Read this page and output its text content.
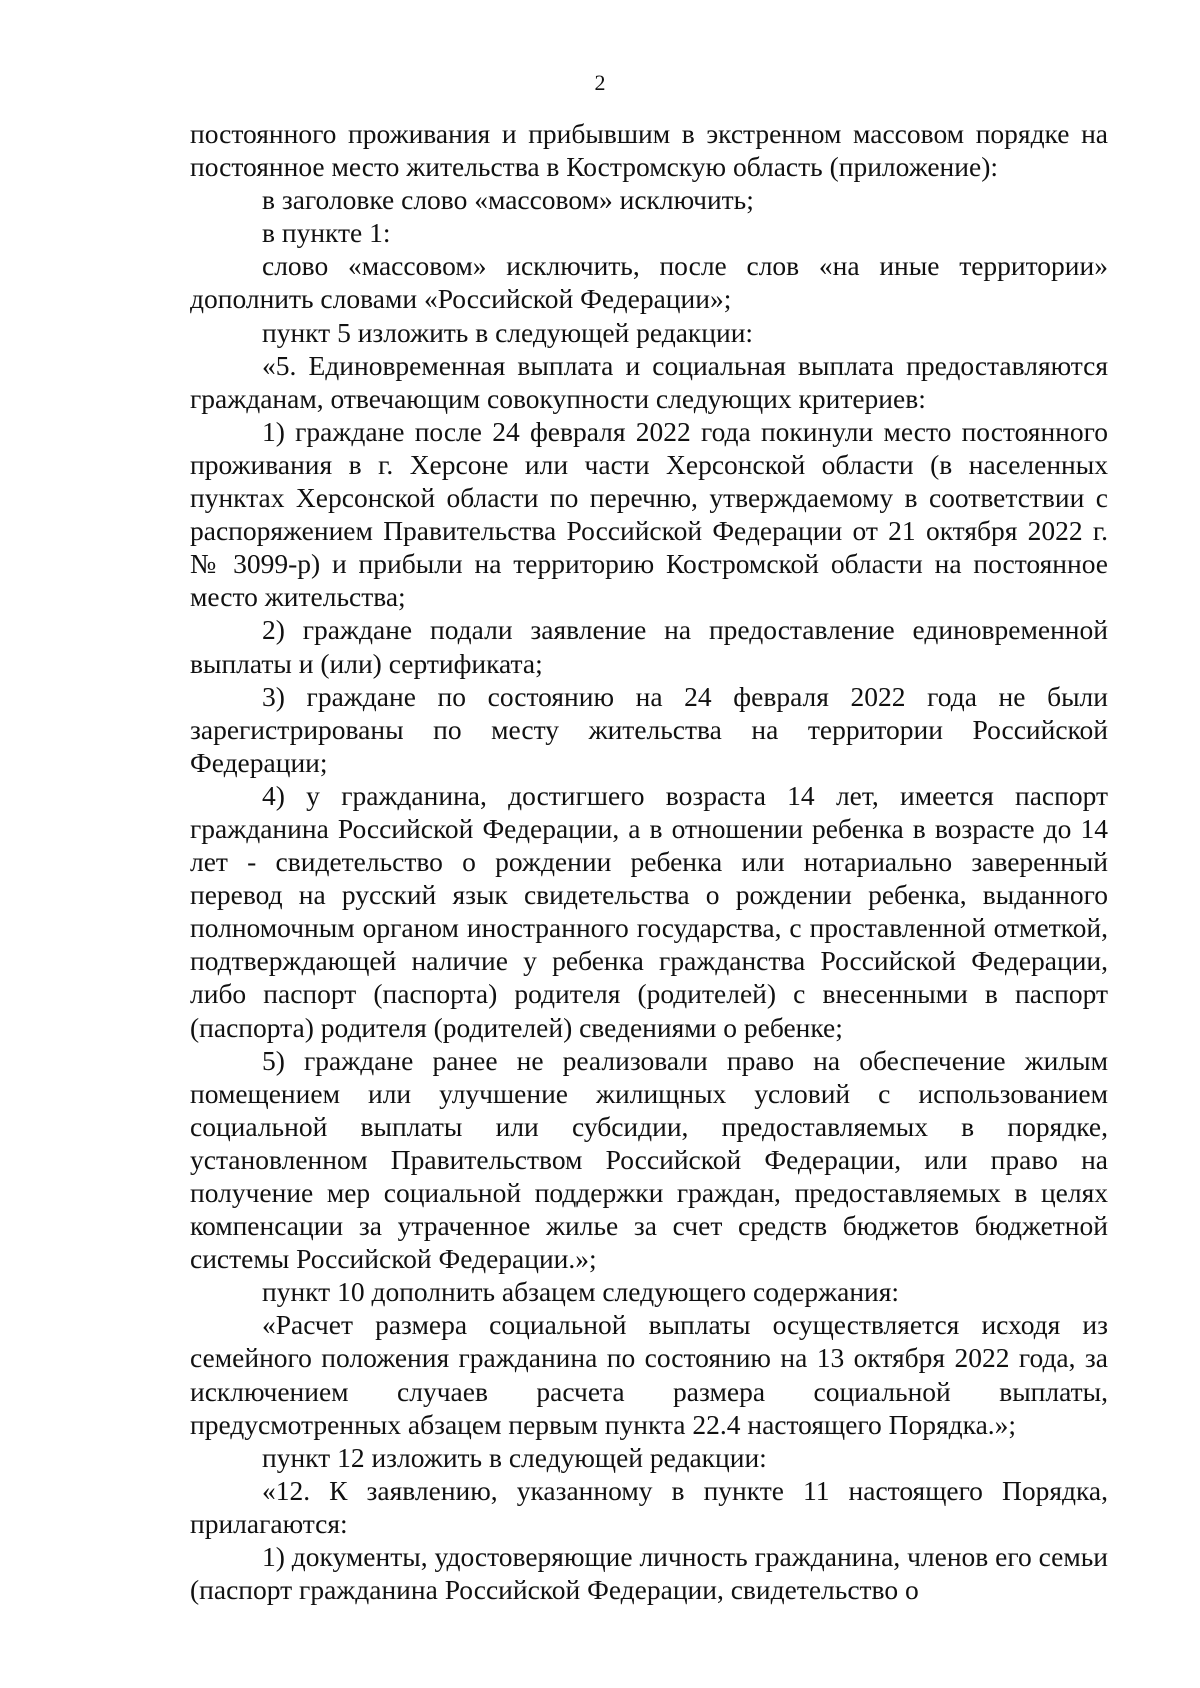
2

постоянного проживания и прибывшим в экстренном массовом порядке на постоянное место жительства в Костромскую область (приложение):

в заголовке слово «массовом» исключить;

в пункте 1:

слово «массовом» исключить, после слов «на иные территории» дополнить словами «Российской Федерации»;

пункт 5 изложить в следующей редакции:

«5. Единовременная выплата и социальная выплата предоставляются гражданам, отвечающим совокупности следующих критериев:

1) граждане после 24 февраля 2022 года покинули место постоянного проживания в г. Херсоне или части Херсонской области (в населенных пунктах Херсонской области по перечню, утверждаемому в соответствии с распоряжением Правительства Российской Федерации от 21 октября 2022 г. № 3099-р) и прибыли на территорию Костромской области на постоянное место жительства;

2) граждане подали заявление на предоставление единовременной выплаты и (или) сертификата;

3) граждане по состоянию на 24 февраля 2022 года не были зарегистрированы по месту жительства на территории Российской Федерации;

4) у гражданина, достигшего возраста 14 лет, имеется паспорт гражданина Российской Федерации, а в отношении ребенка в возрасте до 14 лет - свидетельство о рождении ребенка или нотариально заверенный перевод на русский язык свидетельства о рождении ребенка, выданного полномочным органом иностранного государства, с проставленной отметкой, подтверждающей наличие у ребенка гражданства Российской Федерации, либо паспорт (паспорта) родителя (родителей) с внесенными в паспорт (паспорта) родителя (родителей) сведениями о ребенке;

5) граждане ранее не реализовали право на обеспечение жилым помещением или улучшение жилищных условий с использованием социальной выплаты или субсидии, предоставляемых в порядке, установленном Правительством Российской Федерации, или право на получение мер социальной поддержки граждан, предоставляемых в целях компенсации за утраченное жилье за счет средств бюджетов бюджетной системы Российской Федерации.»;

пункт 10 дополнить абзацем следующего содержания:

«Расчет размера социальной выплаты осуществляется исходя из семейного положения гражданина по состоянию на 13 октября 2022 года, за исключением случаев расчета размера социальной выплаты, предусмотренных абзацем первым пункта 22.4 настоящего Порядка.»;

пункт 12 изложить в следующей редакции:

«12. К заявлению, указанному в пункте 11 настоящего Порядка, прилагаются:

1) документы, удостоверяющие личность гражданина, членов его семьи (паспорт гражданина Российской Федерации, свидетельство о
